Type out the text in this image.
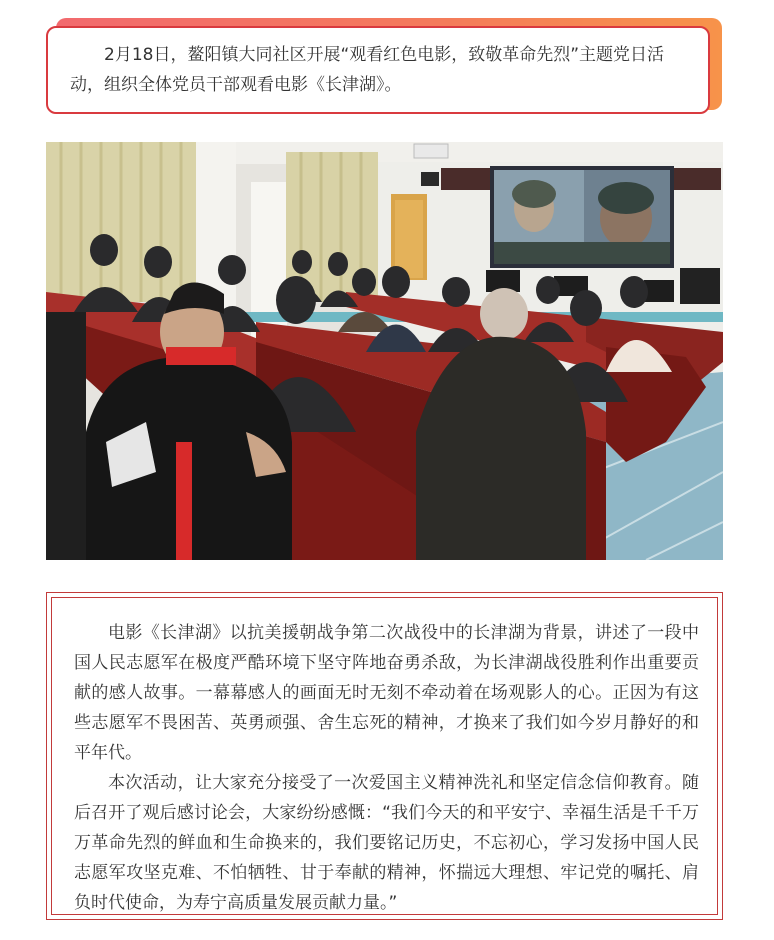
2月18日，鳌阳镇大同社区开展“观看红色电影，致敬革命先烈”主题党日活动，组织全体党员干部观看电影《长津湖》。

电影《长津湖》以抗美援朝战争第二次战役中的长津湖为背景，讲述了一段中国人民志愿军在极度严酷环境下坚守阵地奋勇杀敌，为长津湖战役胜利作出重要贡献的感人故事。一幕幕感人的画面无时无刻不牵动着在场观影人的心。正因为有这些志愿军不畏困苦、英勇顽强、舍生忘死的精神，才换来了我们如今岁月静好的和平年代。

本次活动，让大家充分接受了一次爱国主义精神洗礼和坚定信念信仰教育。随后召开了观后感讨论会，大家纷纷感慨：“我们今天的和平安宁、幸福生活是千千万万革命先烈的鲜血和生命换来的，我们要铭记历史，不忘初心，学习发扬中国人民志愿军攻坚克难、不怕牺牲、甘于奉献的精神，怀揣远大理想、牢记党的嘱托、肩负时代使命，为寿宁高质量发展贡献力量。”
